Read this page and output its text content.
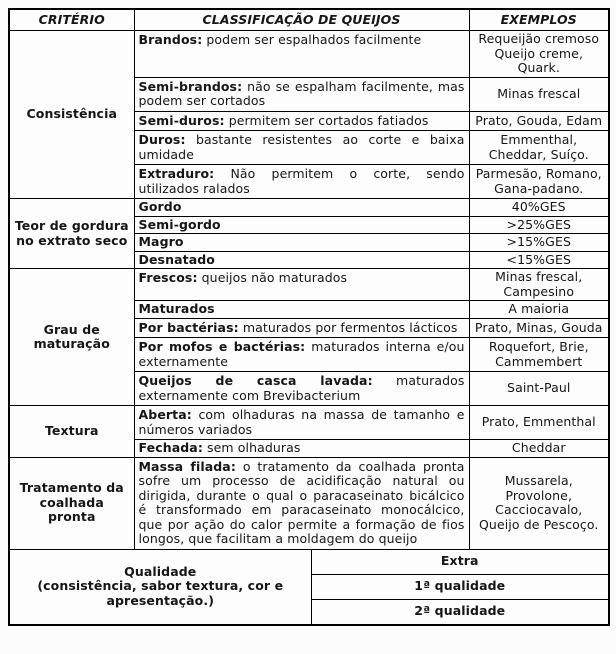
CRITÉRIO	CLASSIFICAÇÃO DE QUEIJOS		EXEMPLOS
Consistência	Brandos: podem ser espalhados facilmente		Requeijão cremoso Queijo creme, Quark.
	Semi-brandos: não se espalham facilmente, mas podem ser cortados		Minas frescal
	Semi-duros: permitem ser cortados fatiados		Prato, Gouda, Edam
	Duros: bastante resistentes ao corte e baixa umidade		Emmenthal, Cheddar, Suíço.
	Extraduro: Não permitem o corte, sendo utilizados ralados		Parmesão, Romano, Gana-padano.
Teor de gordura no extrato seco	Gordo		40%GES
	Semi-gordo		>25%GES
	Magro		>15%GES
	Desnatado		<15%GES
Grau de maturação	Frescos: queijos não maturados		Minas frescal, Campesino
	Maturados		A maioria
	Por bactérias: maturados por fermentos lácticos		Prato, Minas, Gouda
	Por mofos e bactérias: maturados interna e/ou externamente		Roquefort, Brie, Cammembert
	Queijos de casca lavada: maturados externamente com Brevibacterium		Saint-Paul
Textura	Aberta: com olhaduras na massa de tamanho e números variados		Prato, Emmenthal
	Fechada: sem olhaduras		Cheddar
Tratamento da coalhada pronta	Massa filada: o tratamento da coalhada pronta sofre um processo de acidificação natural ou dirigida, durante o qual o paracaseinato bicálcico é transformado em paracaseinato monocálcico, que por ação do calor permite a formação de fios longos, que facilitam a moldagem do queijo		Mussarela, Provolone, Cacciocavalo, Queijo de Pescoço.

Qualidade
(consistência, sabor textura, cor e apresentação.)		Extra	
		1ª qualidade	
		2ª qualidade	
